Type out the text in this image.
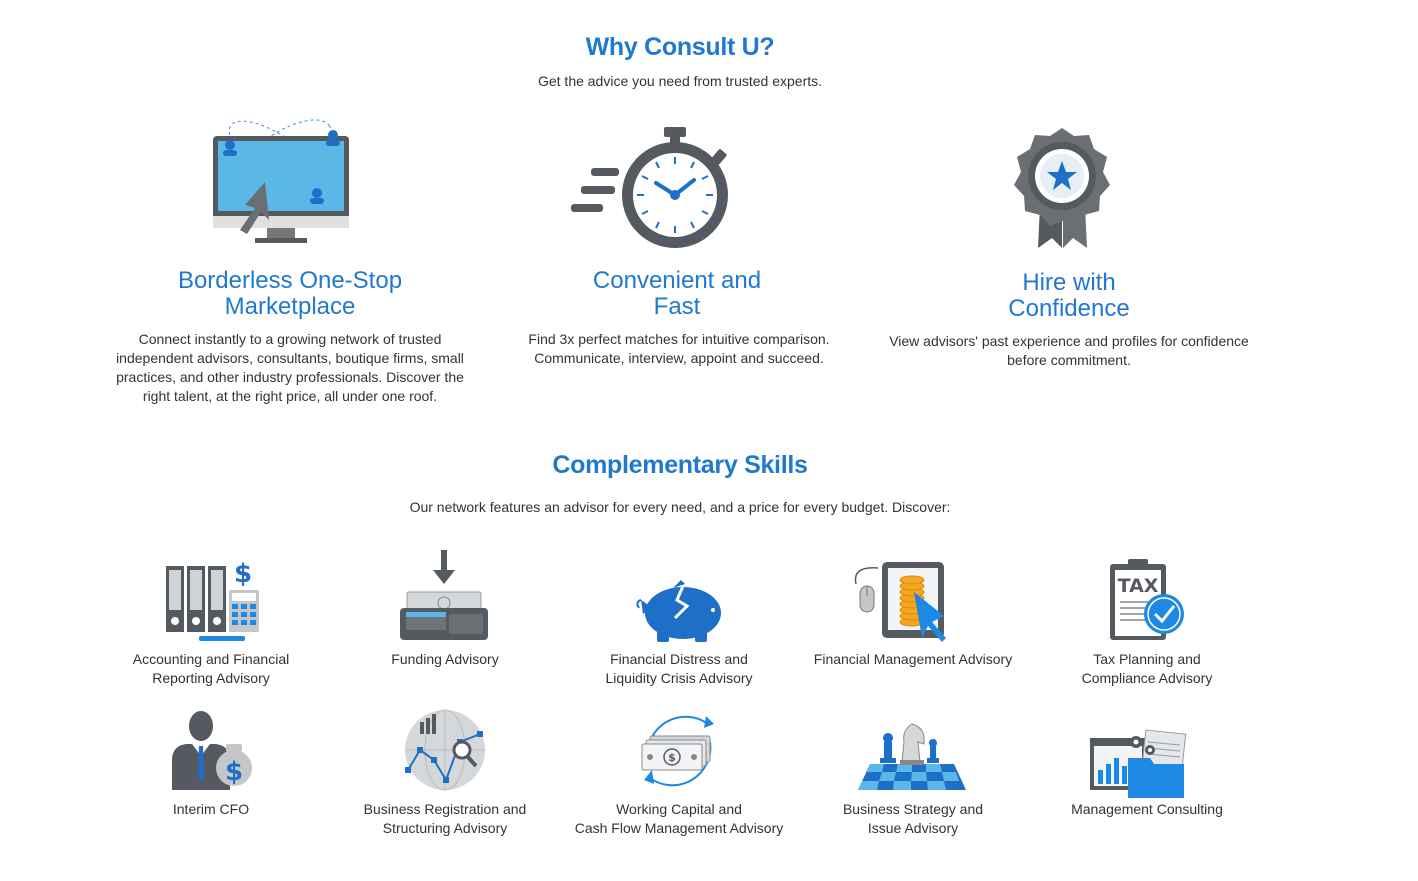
Why Consult U?
Get the advice you need from trusted experts.
Borderless One-Stop
Marketplace
Convenient and
Fast
Hire with
Confidence
Connect instantly to a growing network of trusted independent advisors, consultants, boutique firms, small practices, and other industry professionals. Discover the right talent, at the right price, all under one roof.
Find 3x perfect matches for intuitive comparison. Communicate, interview, appoint and succeed.
View advisors' past experience and profiles for confidence before commitment.
Complementary Skills
Our network features an advisor for every need, and a price for every budget. Discover:
$	TAX
$	$
Accounting and Financial
Reporting Advisory
Funding Advisory	Financial Distress and
Liquidity Crisis Advisory
Financial Management Advisory	Tax Planning and
Compliance Advisory
Interim CFO	Business Registration and
Structuring Advisory
Working Capital and
Cash Flow Management Advisory
Business Strategy and
Issue Advisory
Management Consulting
